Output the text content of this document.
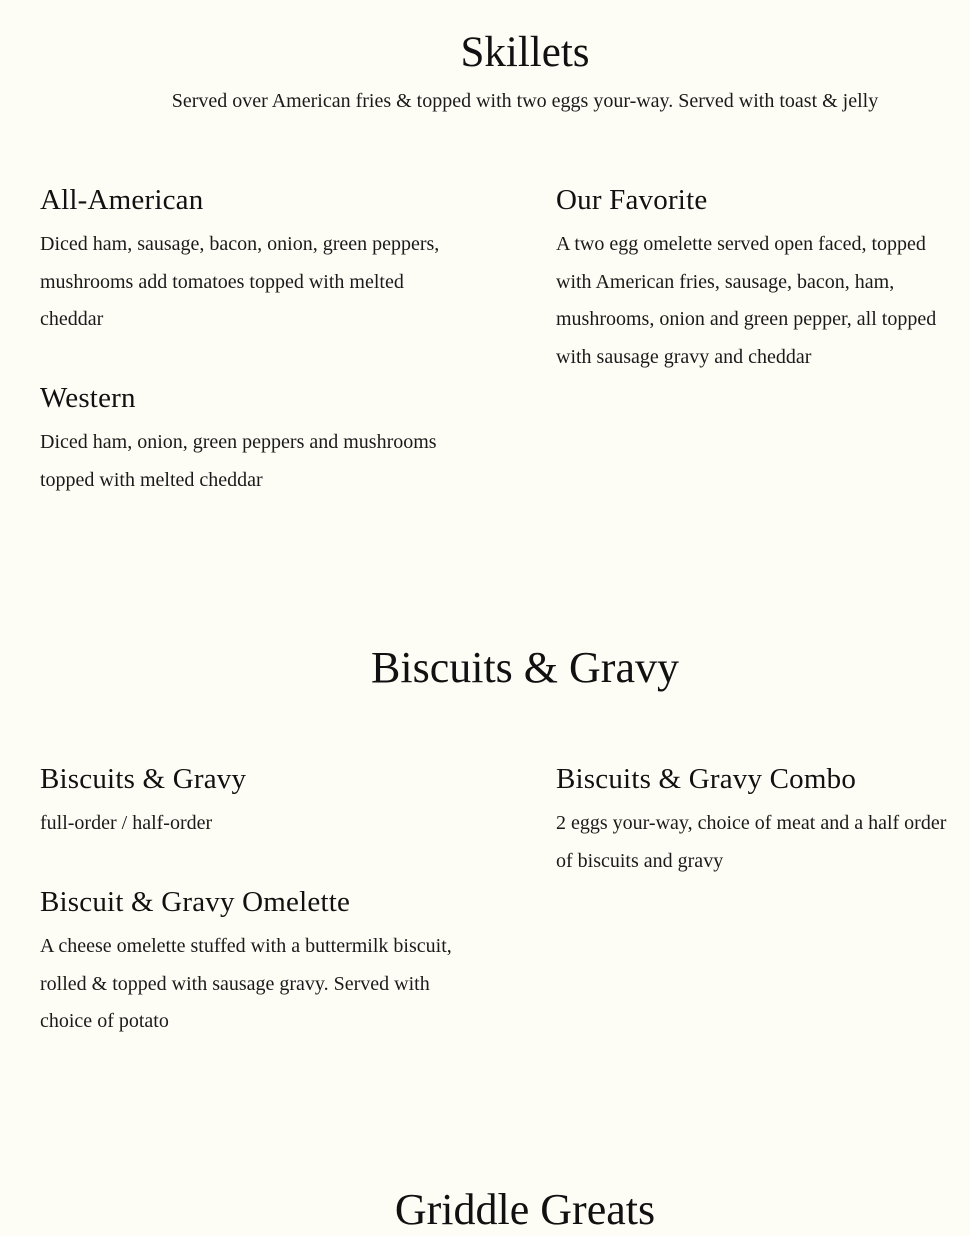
Skillets

Served over American fries & topped with two eggs your-way. Served with toast & jelly

All-American

Diced ham, sausage, bacon, onion, green peppers, mushrooms add tomatoes topped with melted cheddar

Our Favorite

A two egg omelette served open faced, topped with American fries, sausage, bacon, ham, mushrooms, onion and green pepper, all topped with sausage gravy and cheddar

Western

Diced ham, onion, green peppers and mushrooms topped with melted cheddar

Biscuits & Gravy
Biscuits & Gravy

full-order / half-order

Biscuits & Gravy Combo

2 eggs your-way, choice of meat and a half order of biscuits and gravy

Biscuit & Gravy Omelette

A cheese omelette stuffed with a buttermilk biscuit, rolled & topped with sausage gravy. Served with choice of potato

Griddle Greats
